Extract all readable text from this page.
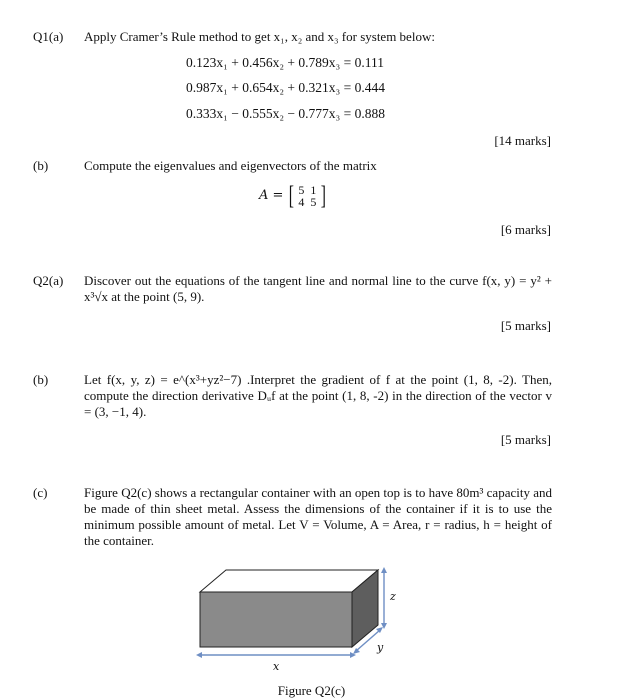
Q1(a) Apply Cramer’s Rule method to get x₁, x₂ and x₃ for system below:
0.123x₁ + 0.456x₂ + 0.789x₃ = 0.111
0.987x₁ + 0.654x₂ + 0.321x₃ = 0.444
0.333x₁ − 0.555x₂ − 0.777x₃ = 0.888
[14 marks]
(b)	Compute the eigenvalues and eigenvectors of the matrix
A = [ 5 1
4 5 ]
[6 marks]
Q2(a) Discover out the equations of the tangent line and normal line to the curve f(x, y) = y² + x³√x at the point (5, 9).
[5 marks]
(b)	Let f(x, y, z) = e^(x³+yz²−7) .Interpret the gradient of f at the point (1, 8, -2). Then, compute the direction derivative Dᵤf at the point (1, 8, -2) in the direction of the vector v = (3, −1, 4).
[5 marks]
(c)	Figure Q2(c) shows a rectangular container with an open top is to have 80m³ capacity and be made of thin sheet metal. Assess the dimensions of the container if it is to use the minimum possible amount of metal. Let V = Volume, A = Area, r = radius, h = height of the container.
z
y
x
Figure Q2(c)
